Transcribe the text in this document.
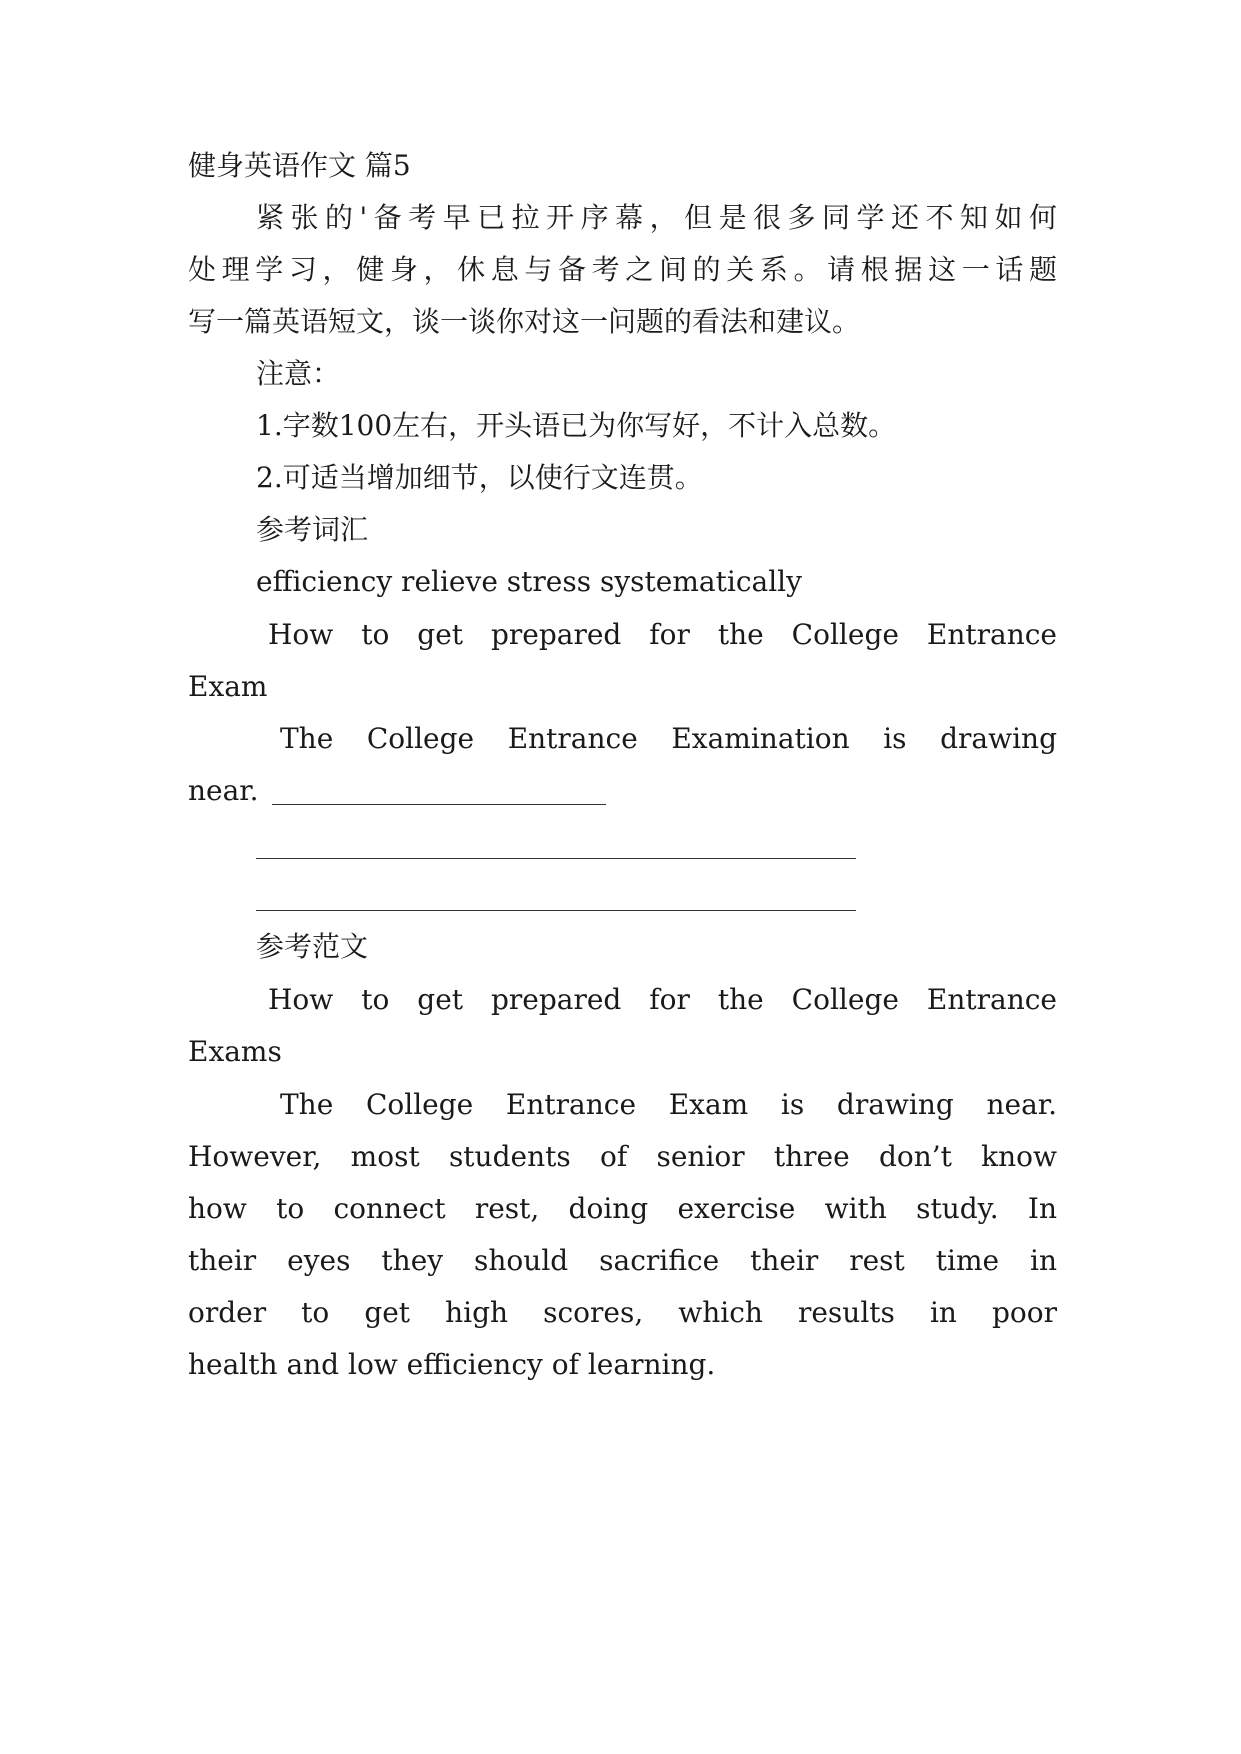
健身英语作文 篇5
紧张的'备考早已拉开序幕，但是很多同学还不知如何
处理学习，健身，休息与备考之间的关系。请根据这一话题
写一篇英语短文，谈一谈你对这一问题的看法和建议。
注意：
1.字数100左右，开头语已为你写好，不计入总数。
2.可适当增加细节，以使行文连贯。
参考词汇
efficiency relieve stress systematically
How to get prepared for the College Entrance
Exam
The College Entrance Examination is drawing
near.
参考范文
How to get prepared for the College Entrance
Exams
The College Entrance Exam is drawing near.
However, most students of senior three don’t know
how to connect rest, doing exercise with study. In
their eyes they should sacrifice their rest time in
order to get high scores, which results in poor
health and low efficiency of learning.
